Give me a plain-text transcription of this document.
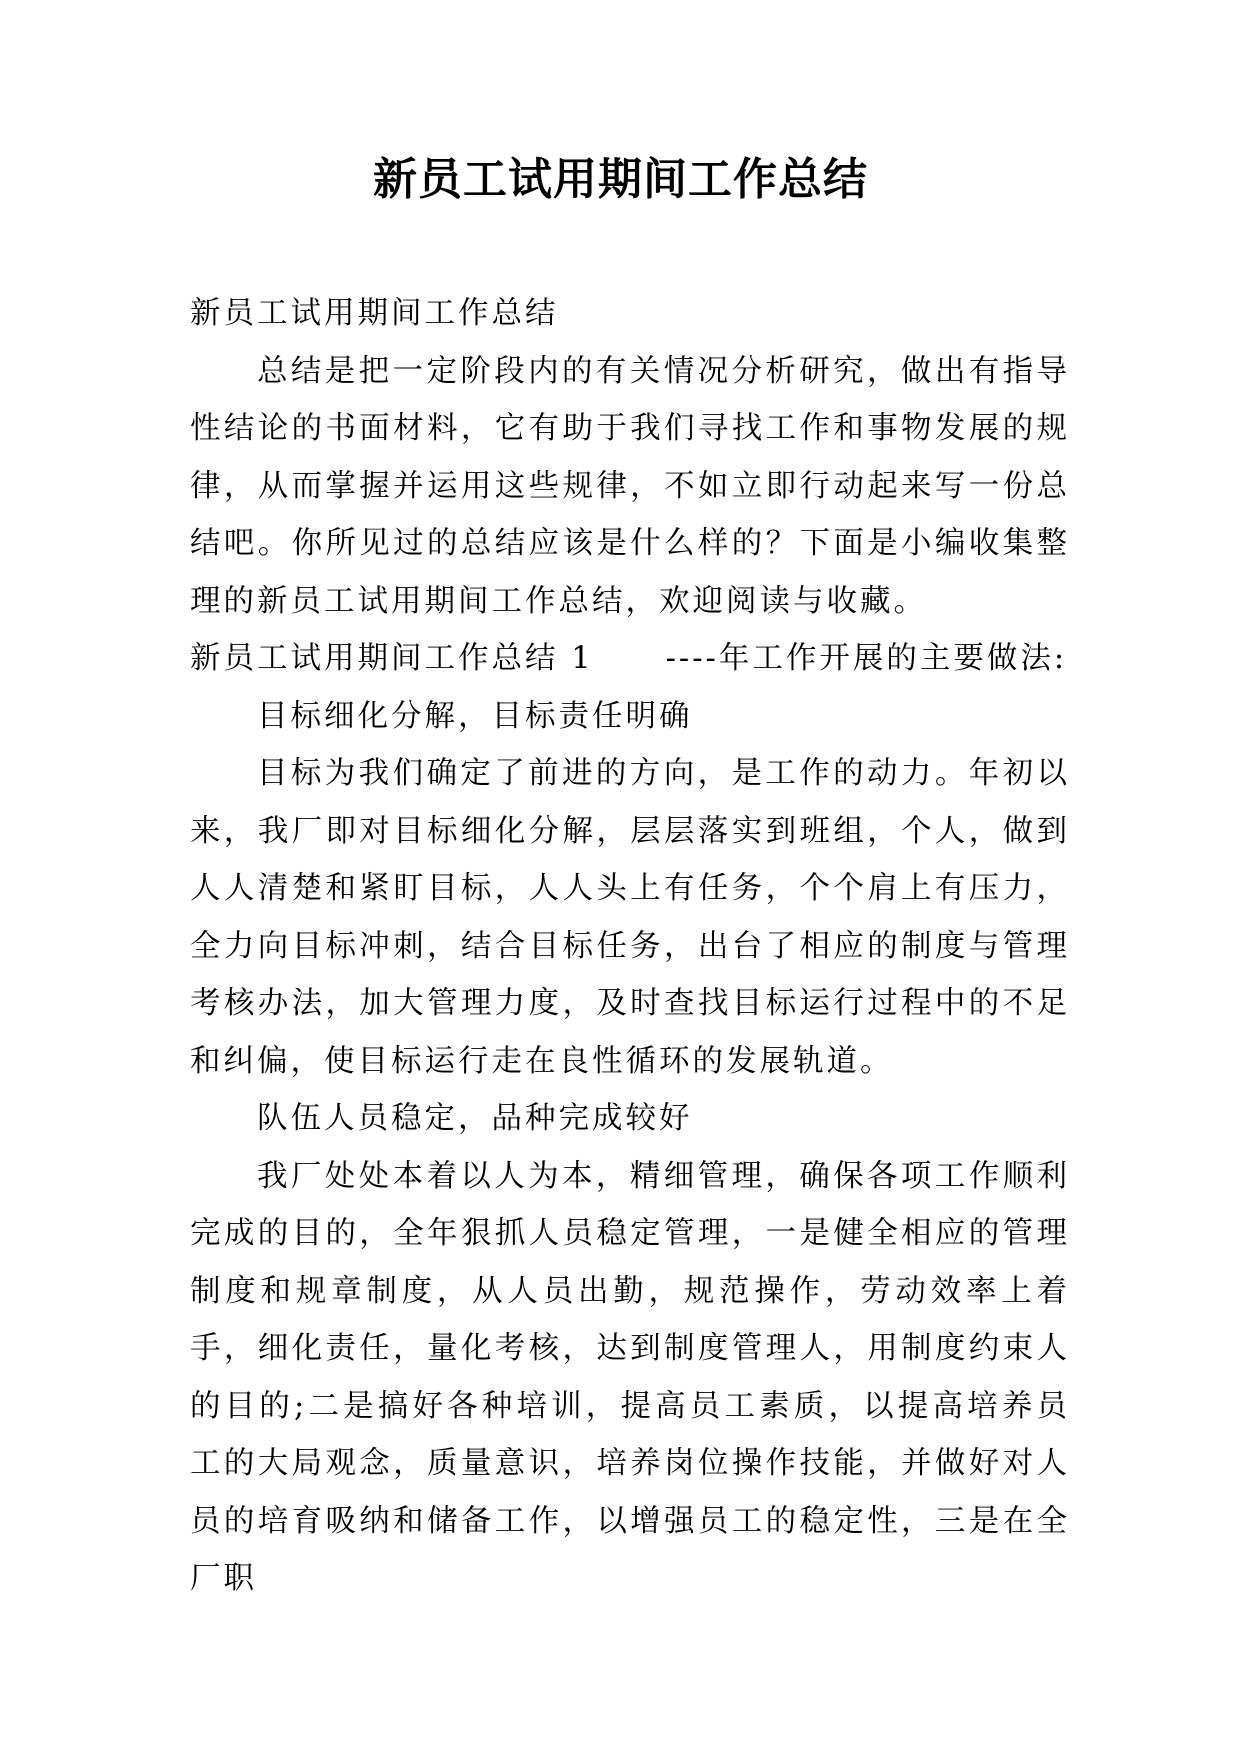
新员工试用期间工作总结
新员工试用期间工作总结

总结是把一定阶段内的有关情况分析研究，做出有指导性结论的书面材料，它有助于我们寻找工作和事物发展的规律，从而掌握并运用这些规律，不如立即行动起来写一份总结吧。你所见过的总结应该是什么样的？下面是小编收集整理的新员工试用期间工作总结，欢迎阅读与收藏。

新员工试用期间工作总结 1 ----年工作开展的主要做法:

目标细化分解，目标责任明确

目标为我们确定了前进的方向，是工作的动力。年初以来，我厂即对目标细化分解，层层落实到班组，个人，做到人人清楚和紧盯目标，人人头上有任务，个个肩上有压力，全力向目标冲刺，结合目标任务，出台了相应的制度与管理考核办法，加大管理力度，及时查找目标运行过程中的不足和纠偏，使目标运行走在良性循环的发展轨道。

队伍人员稳定，品种完成较好

我厂处处本着以人为本，精细管理，确保各项工作顺利完成的目的，全年狠抓人员稳定管理，一是健全相应的管理制度和规章制度，从人员出勤，规范操作，劳动效率上着手，细化责任，量化考核，达到制度管理人，用制度约束人的目的;二是搞好各种培训，提高员工素质，以提高培养员工的大局观念，质量意识，培养岗位操作技能，并做好对人员的培育吸纳和储备工作，以增强员工的稳定性，三是在全厂职
